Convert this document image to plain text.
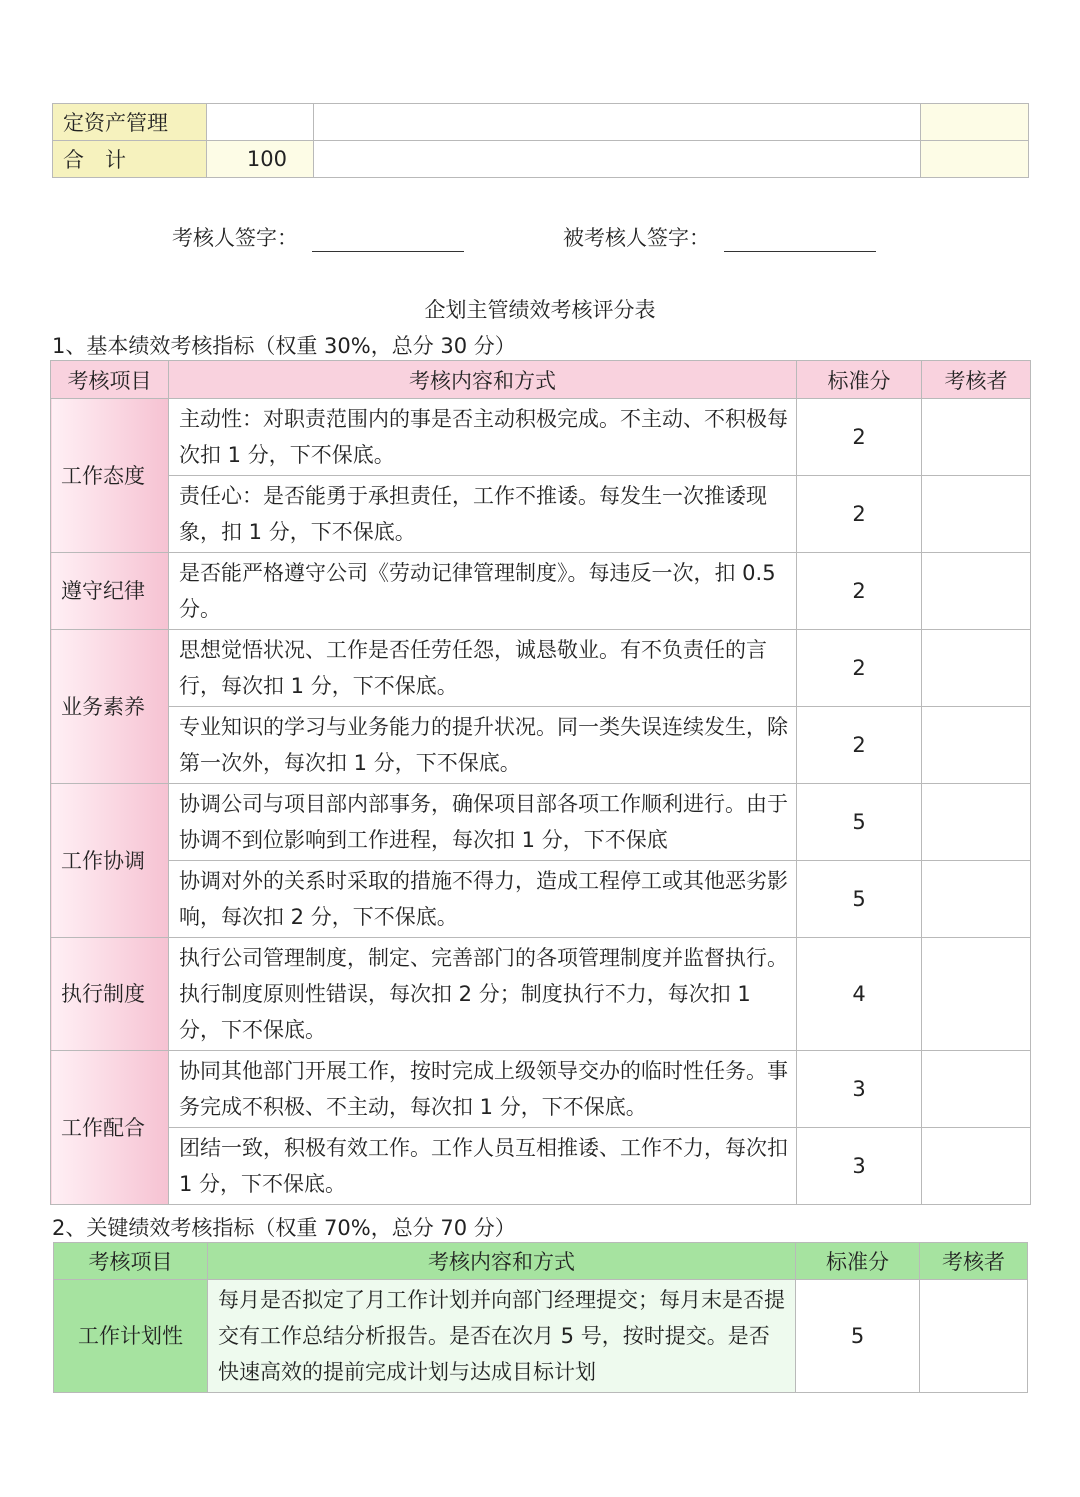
定资产管理			
合　计	100		
考核人签字：	被考核人签字：
企划主管绩效考核评分表
1、基本绩效考核指标（权重 30%，总分 30 分）
考核项目	考核内容和方式	标准分	考核者
工作态度	主动性：对职责范围内的事是否主动积极完成。不主动、不积极每次扣 1 分，下不保底。	2	
	责任心：是否能勇于承担责任，工作不推诿。每发生一次推诿现象，扣 1 分，下不保底。	2	
遵守纪律	是否能严格遵守公司《劳动记律管理制度》。每违反一次，扣 0.5 分。	2	
业务素养	思想觉悟状况、工作是否任劳任怨，诚恳敬业。有不负责任的言行，每次扣 1 分，下不保底。	2	
	专业知识的学习与业务能力的提升状况。同一类失误连续发生，除第一次外，每次扣 1 分，下不保底。	2	
工作协调	协调公司与项目部内部事务，确保项目部各项工作顺利进行。由于协调不到位影响到工作进程，每次扣 1 分，下不保底	5	
	协调对外的关系时采取的措施不得力，造成工程停工或其他恶劣影响，每次扣 2 分，下不保底。	5	
执行制度	执行公司管理制度，制定、完善部门的各项管理制度并监督执行。执行制度原则性错误，每次扣 2 分；制度执行不力，每次扣 1 分，下不保底。	4	
工作配合	协同其他部门开展工作，按时完成上级领导交办的临时性任务。事务完成不积极、不主动，每次扣 1 分，下不保底。	3	
	团结一致，积极有效工作。工作人员互相推诿、工作不力，每次扣 1 分，下不保底。	3	
2、关键绩效考核指标（权重 70%，总分 70 分）
考核项目	考核内容和方式	标准分	考核者
工作计划性	每月是否拟定了月工作计划并向部门经理提交；每月末是否提交有工作总结分析报告。是否在次月 5 号，按时提交。是否快速高效的提前完成计划与达成目标计划	5	
